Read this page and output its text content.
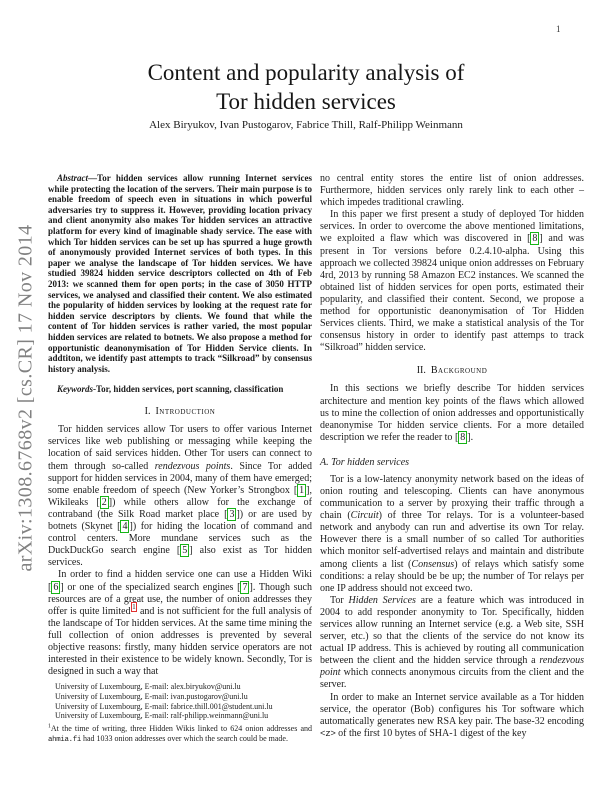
1
arXiv:1308.6768v2 [cs.CR] 17 Nov 2014
Content and popularity analysis of
Tor hidden services
Alex Biryukov, Ivan Pustogarov, Fabrice Thill, Ralf-Philipp Weinmann

Abstract—Tor hidden services allow running Internet services while protecting the location of the servers. Their main purpose is to enable freedom of speech even in situations in which powerful adversaries try to suppress it. However, providing location privacy and client anonymity also makes Tor hidden services an attractive platform for every kind of imaginable shady service. The ease with which Tor hidden services can be set up has spurred a huge growth of anonymously provided Internet services of both types. In this paper we analyse the landscape of Tor hidden services. We have studied 39824 hidden service descriptors collected on 4th of Feb 2013: we scanned them for open ports; in the case of 3050 HTTP services, we analysed and classified their content. We also estimated the popularity of hidden services by looking at the request rate for hidden service descriptors by clients. We found that while the content of Tor hidden services is rather varied, the most popular hidden services are related to botnets. We also propose a method for opportunistic deanonymisation of Tor Hidden Service clients. In addtiton, we identify past attempts to track “Silkroad” by consensus history analysis.

Keywords-Tor, hidden services, port scanning, classification

I. Introduction

Tor hidden services allow Tor users to offer various Internet services like web publishing or messaging while keeping the location of said services hidden. Other Tor users can connect to them through so-called rendezvous points. Since Tor added support for hidden services in 2004, many of them have emerged; some enable freedom of speech (New Yorker’s Strongbox [ 1 ], Wikileaks [ 2 ]) while others allow for the exchange of contraband (the Silk Road market place [ 3 ]) or are used by botnets (Skynet [ 4 ]) for hiding the location of command and control centers. More mundane services such as the DuckDuckGo search engine [ 5 ] also exist as Tor hidden services.

In order to find a hidden service one can use a Hidden Wiki [ 6 ] or one of the specialized search engines [ 7 ]. Though such resources are of a great use, the number of onion addresses they offer is quite limited $^1$ and is not sufficient for the full analysis of the landscape of Tor hidden services. At the same time mining the full collection of onion addresses is prevented by several objective reasons: firstly, many hidden service operators are not interested in their existence to be widely known. Secondly, Tor is designed in such a way that

University of Luxembourg, E-mail: alex.biryukov@uni.lu
University of Luxembourg, E-mail: ivan.pustogarov@uni.lu
University of Luxembourg, E-mail: fabrice.thill.001@student.uni.lu
University of Luxembourg, E-mail: ralf-philipp.weinmann@uni.lu

$^1$At the time of writing, three Hidden Wikis linked to 624 onion addresses and ahmia.fi had 1033 onion addresses over which the search could be made.

no central entity stores the entire list of onion addresses. Furthermore, hidden services only rarely link to each other – which impedes traditional crawling.

In this paper we first present a study of deployed Tor hidden services. In order to overcome the above mentioned limitations, we exploited a flaw which was discovered in [ 8 ] and was present in Tor versions before 0.2.4.10-alpha. Using this approach we collected 39824 unique onion addresses on February 4rd, 2013 by running 58 Amazon EC2 instances. We scanned the obtained list of hidden services for open ports, estimated their popularity, and classified their content. Second, we propose a method for opportunistic deanonymisation of Tor Hidden Services clients. Third, we make a statistical analysis of the Tor consensus history in order to identify past attemps to track “Silkroad” hidden service.

II. Background

In this sections we briefly describe Tor hidden services architecture and mention key points of the flaws which allowed us to mine the collection of onion addresses and opportunistically deanonymise Tor hidden service clients. For a more detailed description we refer the reader to [ 8 ].

A. Tor hidden services

Tor is a low-latency anonymity network based on the ideas of onion routing and telescoping. Clients can have anonymous communication to a server by proxying their traffic through a chain (Circuit) of three Tor relays. Tor is a volunteer-based network and anybody can run and advertise its own Tor relay. However there is a small number of so called Tor authorities which monitor self-advertised relays and maintain and distribute among clients a list (Consensus) of relays which satisfy some conditions: a relay should be be up; the number of Tor relays per one IP address should not exceed two.

Tor Hidden Services are a feature which was introduced in 2004 to add responder anonymity to Tor. Specifically, hidden services allow running an Internet service (e.g. a Web site, SSH server, etc.) so that the clients of the service do not know its actual IP address. This is achieved by routing all communication between the client and the hidden service through a rendezvous point which connects anonymous circuits from the client and the server.

In order to make an Internet service available as a Tor hidden service, the operator (Bob) configures his Tor software which automatically generates new RSA key pair. The base-32 encoding <z> of the first 10 bytes of SHA-1 digest of the key
